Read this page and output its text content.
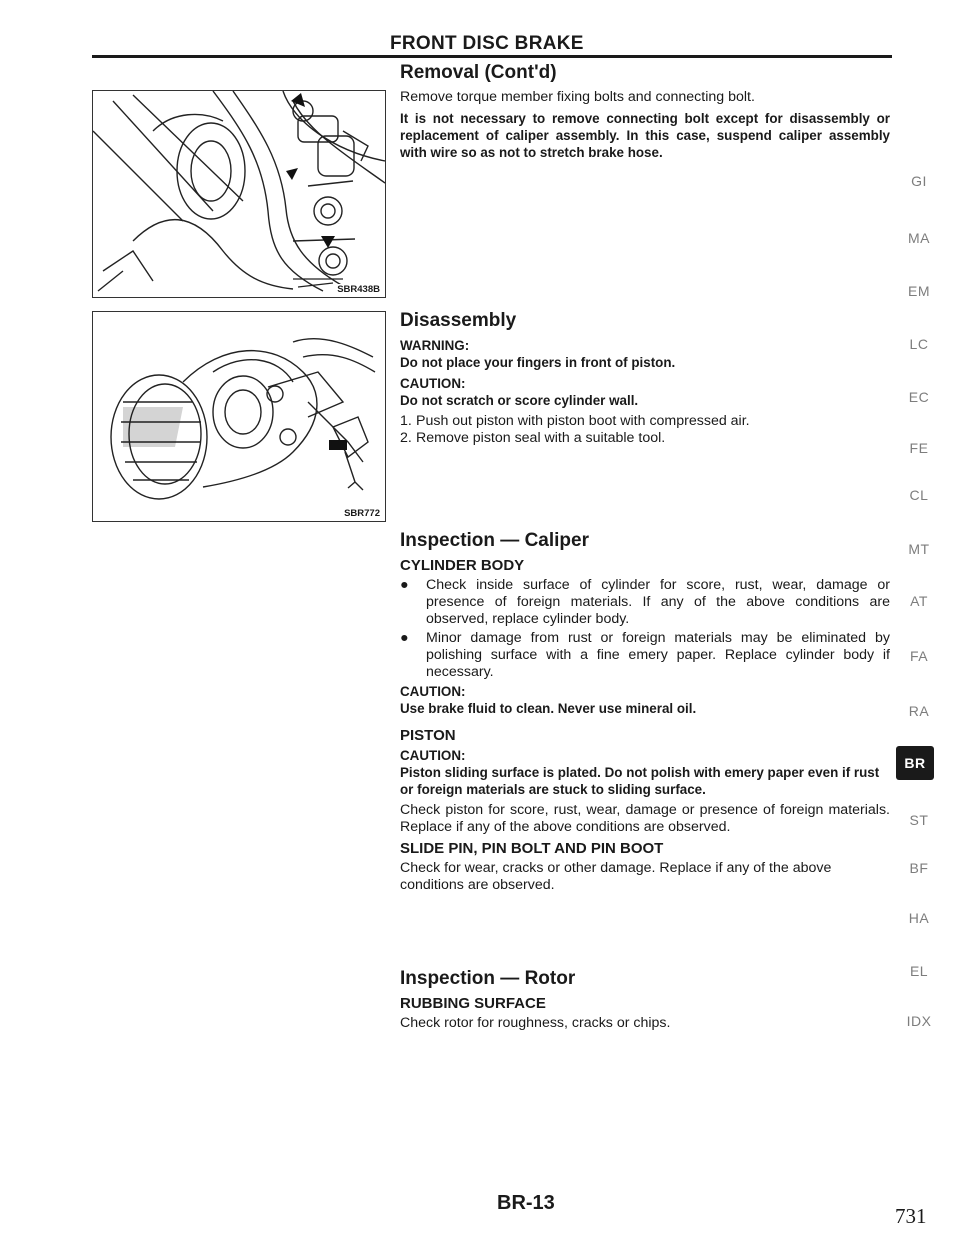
FRONT DISC BRAKE
SBR438B
SBR772
Removal (Cont'd)
Remove torque member fixing bolts and connecting bolt.
It is not necessary to remove connecting bolt except for disassembly or replacement of caliper assembly. In this case, suspend caliper assembly with wire so as not to stretch brake hose.
Disassembly
WARNING:
Do not place your fingers in front of piston.
CAUTION:
Do not scratch or score cylinder wall.
1. Push out piston with piston boot with compressed air.
2. Remove piston seal with a suitable tool.
Inspection — Caliper
CYLINDER BODY
●	Check inside surface of cylinder for score, rust, wear, damage or presence of foreign materials. If any of the above conditions are observed, replace cylinder body.
●	Minor damage from rust or foreign materials may be eliminated by polishing surface with a fine emery paper. Replace cylinder body if necessary.
CAUTION:
Use brake fluid to clean. Never use mineral oil.
PISTON
CAUTION:
Piston sliding surface is plated. Do not polish with emery paper even if rust or foreign materials are stuck to sliding surface.
Check piston for score, rust, wear, damage or presence of foreign materials. Replace if any of the above conditions are observed.
SLIDE PIN, PIN BOLT AND PIN BOOT
Check for wear, cracks or other damage. Replace if any of the above conditions are observed.
Inspection — Rotor
RUBBING SURFACE
Check rotor for roughness, cracks or chips.
GI
MA
EM
LC
EC
FE
CL
MT
AT
FA
RA
BR
ST
BF
HA
EL
IDX
BR-13
731
